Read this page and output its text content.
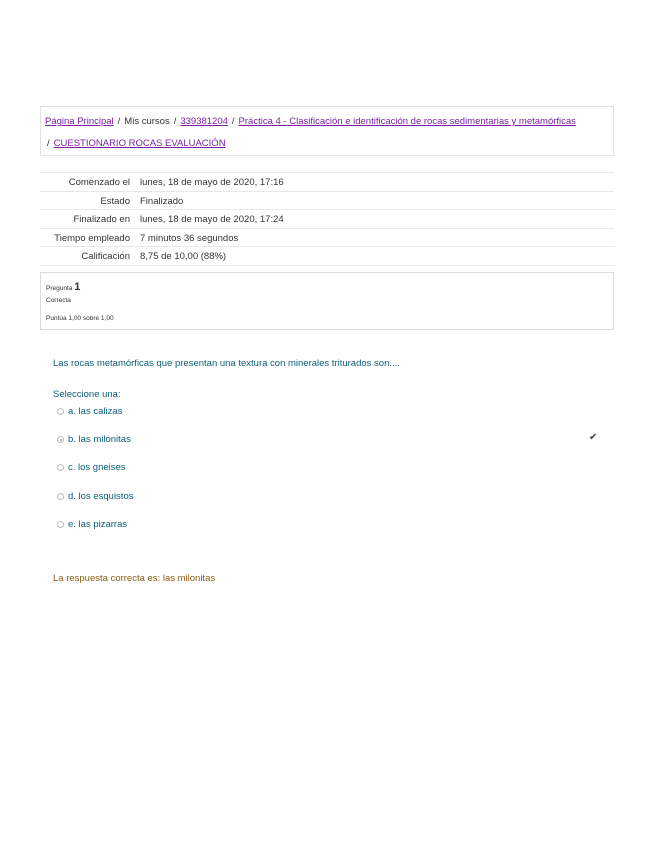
Página Principal / Mis cursos / 339381204 / Práctica 4 - Clasificación e identificación de rocas sedimentarias y metamórficas
/ CUESTIONARIO ROCAS EVALUACIÓN
Comenzado el lunes, 18 de mayo de 2020, 17:16
Estado Finalizado
Finalizado en lunes, 18 de mayo de 2020, 17:24
Tiempo empleado 7 minutos 36 segundos
Calificación 8,75 de 10,00 (88%)
Pregunta 1
Correcta
Puntúa 1,00 sobre 1,00
Las rocas metamórficas que presentan una textura con minerales triturados son....
Seleccione una:
a. las calizas
b. las milonitas
c. los gneises
d. los esquistos
e. las pizarras
✔
La respuesta correcta es: las milonitas
